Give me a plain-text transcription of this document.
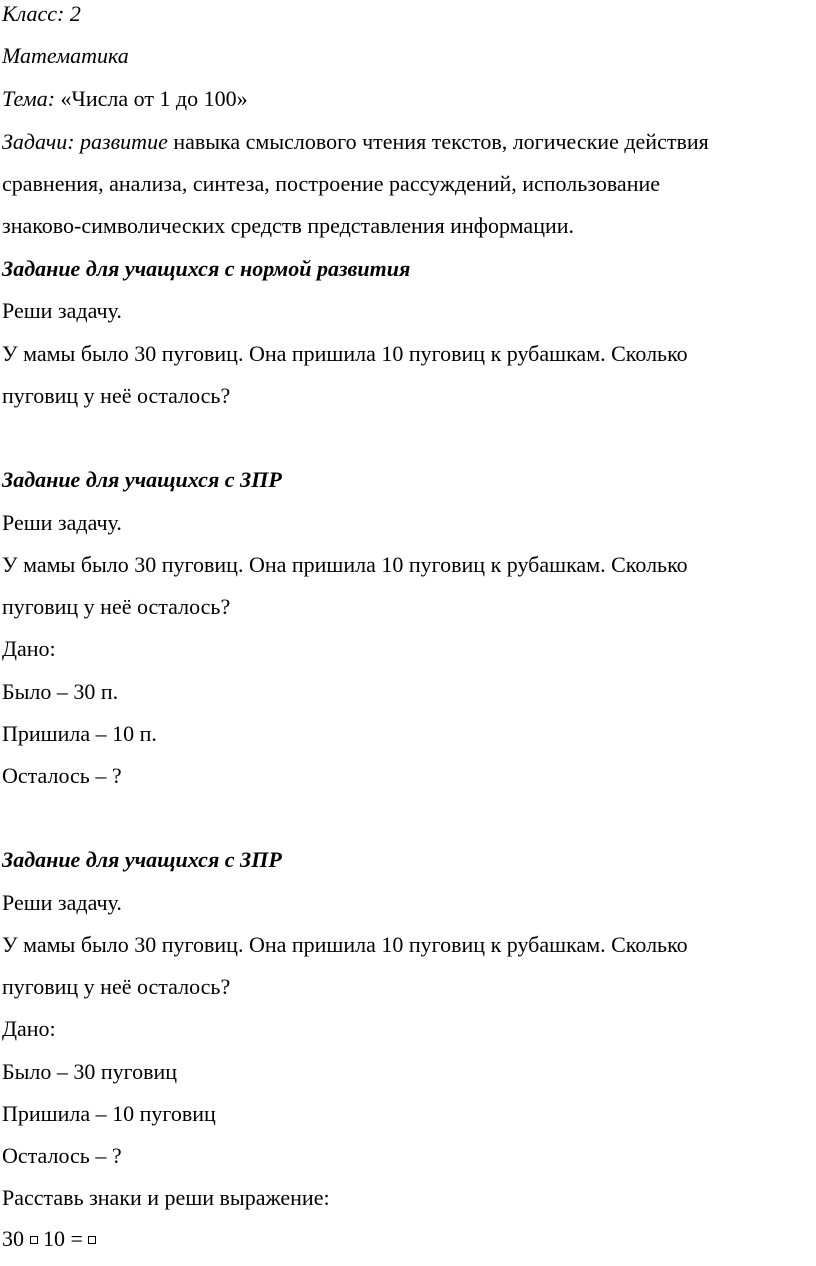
Класс: 2
Математика
Тема: «Числа от 1 до 100»
Задачи: развитие навыка смыслового чтения текстов, логические действия
сравнения, анализа, синтеза, построение рассуждений, использование
знаково-символических средств представления информации.
Задание для учащихся с нормой развития
Реши задачу.
У мамы было 30 пуговиц. Она пришила 10 пуговиц к рубашкам. Сколько
пуговиц у неё осталось?
Задание для учащихся с ЗПР
Реши задачу.
У мамы было 30 пуговиц. Она пришила 10 пуговиц к рубашкам. Сколько
пуговиц у неё осталось?
Дано:
Было – 30 п.
Пришила – 10 п.
Осталось – ?
Задание для учащихся с ЗПР
Реши задачу.
У мамы было 30 пуговиц. Она пришила 10 пуговиц к рубашкам. Сколько
пуговиц у неё осталось?
Дано:
Было – 30 пуговиц
Пришила – 10 пуговиц
Осталось – ?
Расставь знаки и реши выражение:
30 10 =
